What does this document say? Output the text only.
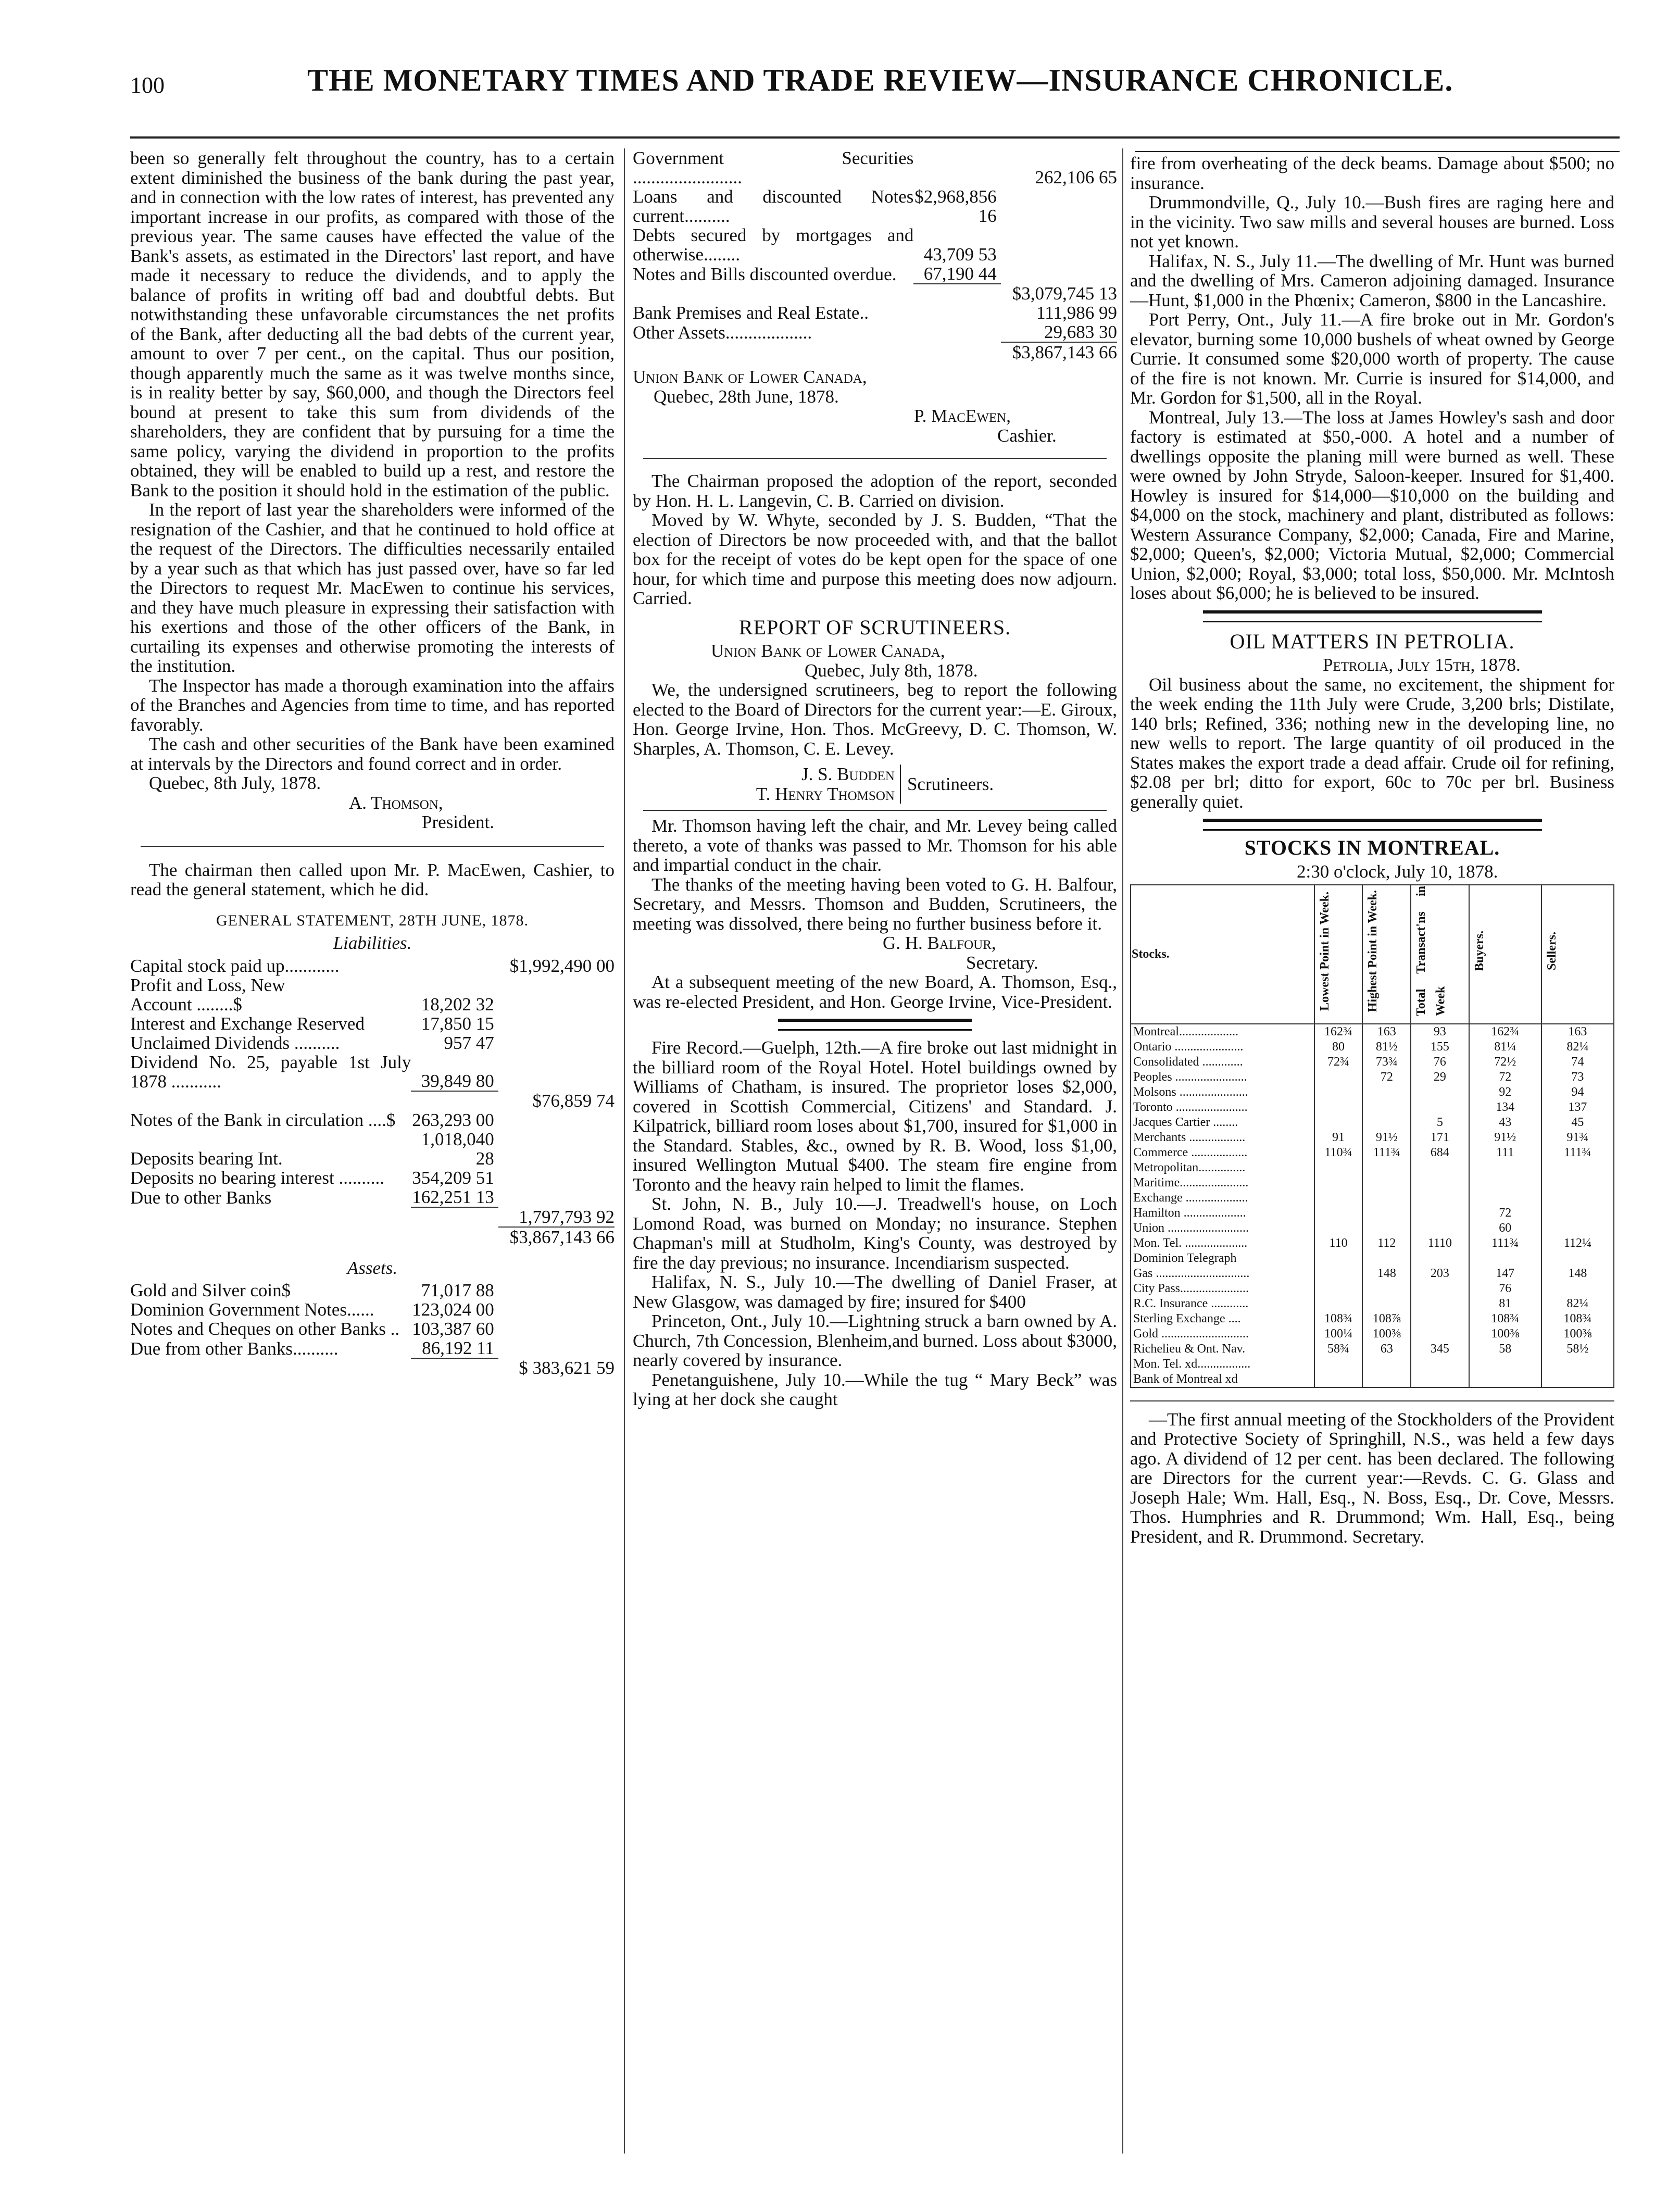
100	THE MONETARY TIMES AND TRADE REVIEW—INSURANCE CHRONICLE.

been so generally felt throughout the country, has to a certain extent diminished the business of the bank during the past year, and in connection with the low rates of interest, has prevented any important increase in our profits, as compared with those of the previous year. The same causes have effected the value of the Bank's assets, as estimated in the Directors' last report, and have made it necessary to reduce the dividends, and to apply the balance of profits in writing off bad and doubtful debts. But notwithstanding these unfavorable circumstances the net profits of the Bank, after deducting all the bad debts of the current year, amount to over 7 per cent., on the capital. Thus our position, though apparently much the same as it was twelve months since, is in reality better by say, $60,000, and though the Directors feel bound at present to take this sum from dividends of the shareholders, they are confident that by pursuing for a time the same policy, varying the dividend in proportion to the profits obtained, they will be enabled to build up a rest, and restore the Bank to the position it should hold in the estimation of the public.

In the report of last year the shareholders were informed of the resignation of the Cashier, and that he continued to hold office at the request of the Directors. The difficulties necessarily entailed by a year such as that which has just passed over, have so far led the Directors to request Mr. MacEwen to continue his services, and they have much pleasure in expressing their satisfaction with his exertions and those of the other officers of the Bank, in curtailing its expenses and otherwise promoting the interests of the institution.

The Inspector has made a thorough examination into the affairs of the Branches and Agencies from time to time, and has reported favorably.

The cash and other securities of the Bank have been examined at intervals by the Directors and found correct and in order.

Quebec, 8th July, 1878.

A. Thomson,
President.

The chairman then called upon Mr. P. MacEwen, Cashier, to read the general statement, which he did.

GENERAL STATEMENT, 28TH JUNE, 1878.
Liabilities.
Capital stock paid up............		$1,992,490 00
Profit and Loss, New		
Account ........$	18,202 32	
Interest and Exchange Reserved	17,850 15	
Unclaimed Dividends ..........	957 47	
Dividend No. 25, payable 1st July 1878 ...........	39,849 80	
		$76,859 74
Notes of the Bank in circulation ....$	263,293 00	
Deposits bearing Int.	1,018,040 28	
Deposits no bearing interest ..........	354,209 51	
Due to other Banks	162,251 13	
		1,797,793 92
		$3,867,143 66
Assets.
Gold and Silver coin$	71,017 88	
Dominion Government Notes......	123,024 00	
Notes and Cheques on other Banks ..	103,387 60	
Due from other Banks..........	86,192 11	
		$ 383,621 59
Government Securities ........................		262,106 65
Loans and discounted Notes current..........	$2,968,856 16	
Debts secured by mortgages and otherwise........	43,709 53	
Notes and Bills discounted overdue.	67,190 44	
		$3,079,745 13
Bank Premises and Real Estate..		111,986 99
Other Assets...................		29,683 30
		$3,867,143 66
Union Bank of Lower Canada,
Quebec, 28th June, 1878.
P. MacEwen,
Cashier.

The Chairman proposed the adoption of the report, seconded by Hon. H. L. Langevin, C. B. Carried on division.

Moved by W. Whyte, seconded by J. S. Budden, “That the election of Directors be now proceeded with, and that the ballot box for the receipt of votes do be kept open for the space of one hour, for which time and purpose this meeting does now adjourn. Carried.

REPORT OF SCRUTINEERS.
Union Bank of Lower Canada,
Quebec, July 8th, 1878.

We, the undersigned scrutineers, beg to report the following elected to the Board of Directors for the current year:—E. Giroux, Hon. George Irvine, Hon. Thos. McGreevy, D. C. Thomson, W. Sharples, A. Thomson, C. E. Levey.

J. S. Budden
T. Henry Thomson Scrutineers.

Mr. Thomson having left the chair, and Mr. Levey being called thereto, a vote of thanks was passed to Mr. Thomson for his able and impartial conduct in the chair.

The thanks of the meeting having been voted to G. H. Balfour, Secretary, and Messrs. Thomson and Budden, Scrutineers, the meeting was dissolved, there being no further business before it.

G. H. Balfour,
Secretary.

At a subsequent meeting of the new Board, A. Thomson, Esq., was re-elected President, and Hon. George Irvine, Vice-President.

Fire Record.—Guelph, 12th.—A fire broke out last midnight in the billiard room of the Royal Hotel. Hotel buildings owned by Williams of Chatham, is insured. The proprietor loses $2,000, covered in Scottish Commercial, Citizens' and Standard. J. Kilpatrick, billiard room loses about $1,700, insured for $1,000 in the Standard. Stables, &c., owned by R. B. Wood, loss $1,00, insured Wellington Mutual $400. The steam fire engine from Toronto and the heavy rain helped to limit the flames.

St. John, N. B., July 10.—J. Treadwell's house, on Loch Lomond Road, was burned on Monday; no insurance. Stephen Chapman's mill at Studholm, King's County, was destroyed by fire the day previous; no insurance. Incendiarism suspected.

Halifax, N. S., July 10.—The dwelling of Daniel Fraser, at New Glasgow, was damaged by fire; insured for $400

Princeton, Ont., July 10.—Lightning struck a barn owned by A. Church, 7th Concession, Blenheim,and burned. Loss about $3000, nearly covered by insurance.

Penetanguishene, July 10.—While the tug “ Mary Beck” was lying at her dock she caught

fire from overheating of the deck beams. Damage about $500; no insurance.

Drummondville, Q., July 10.—Bush fires are raging here and in the vicinity. Two saw mills and several houses are burned. Loss not yet known.

Halifax, N. S., July 11.—The dwelling of Mr. Hunt was burned and the dwelling of Mrs. Cameron adjoining damaged. Insurance—Hunt, $1,000 in the Phœnix; Cameron, $800 in the Lancashire.

Port Perry, Ont., July 11.—A fire broke out in Mr. Gordon's elevator, burning some 10,000 bushels of wheat owned by George Currie. It consumed some $20,000 worth of property. The cause of the fire is not known. Mr. Currie is insured for $14,000, and Mr. Gordon for $1,500, all in the Royal.

Montreal, July 13.—The loss at James Howley's sash and door factory is estimated at $50,-000. A hotel and a number of dwellings opposite the planing mill were burned as well. These were owned by John Stryde, Saloon-keeper. Insured for $1,400. Howley is insured for $14,000—$10,000 on the building and $4,000 on the stock, machinery and plant, distributed as follows: Western Assurance Company, $2,000; Canada, Fire and Marine, $2,000; Queen's, $2,000; Victoria Mutual, $2,000; Commercial Union, $2,000; Royal, $3,000; total loss, $50,000. Mr. McIntosh loses about $6,000; he is believed to be insured.

OIL MATTERS IN PETROLIA.
Petrolia, July 15th, 1878.

Oil business about the same, no excitement, the shipment for the week ending the 11th July were Crude, 3,200 brls; Distilate, 140 brls; Refined, 336; nothing new in the developing line, no new wells to report. The large quantity of oil produced in the States makes the export trade a dead affair. Crude oil for refining, $2.08 per brl; ditto for export, 60c to 70c per brl. Business generally quiet.

STOCKS IN MONTREAL.
2:30 o'clock, July 10, 1878.
Stocks.	Lowest Point in Week.	Highest Point in Week.	Total Transact'ns in Week	Buyers.	Sellers.
Montreal...................	162¾	163	93	162¾	163
Ontario ......................	80	81½	155	81¼	82¼
Consolidated .............	72¾	73¾	76	72½	74
Peoples .......................		72	29	72	73
Molsons ......................				92	94
Toronto .......................				134	137
Jacques Cartier ........			5	43	45
Merchants ..................	91	91½	171	91½	91¾
Commerce ..................	110¾	111¾	684	111	111¾
Metropolitan...............					
Maritime......................					
Exchange ....................					
Hamilton ....................				72	
Union ..........................				60	
Mon. Tel. ....................	110	112	1110	111¾	112¼
Dominion Telegraph					
Gas ..............................		148	203	147	148
City Pass......................				76	
R.C. Insurance ............				81	82¼
Sterling Exchange ....	108¾	108⅞		108¾	108¾
Gold ............................	100¼	100⅜		100⅜	100⅜
Richelieu & Ont. Nav.	58¾	63	345	58	58½
Mon. Tel. xd.................					
Bank of Montreal xd					

—The first annual meeting of the Stockholders of the Provident and Protective Society of Springhill, N.S., was held a few days ago. A dividend of 12 per cent. has been declared. The following are Directors for the current year:—Revds. C. G. Glass and Joseph Hale; Wm. Hall, Esq., N. Boss, Esq., Dr. Cove, Messrs. Thos. Humphries and R. Drummond; Wm. Hall, Esq., being President, and R. Drummond. Secretary.
